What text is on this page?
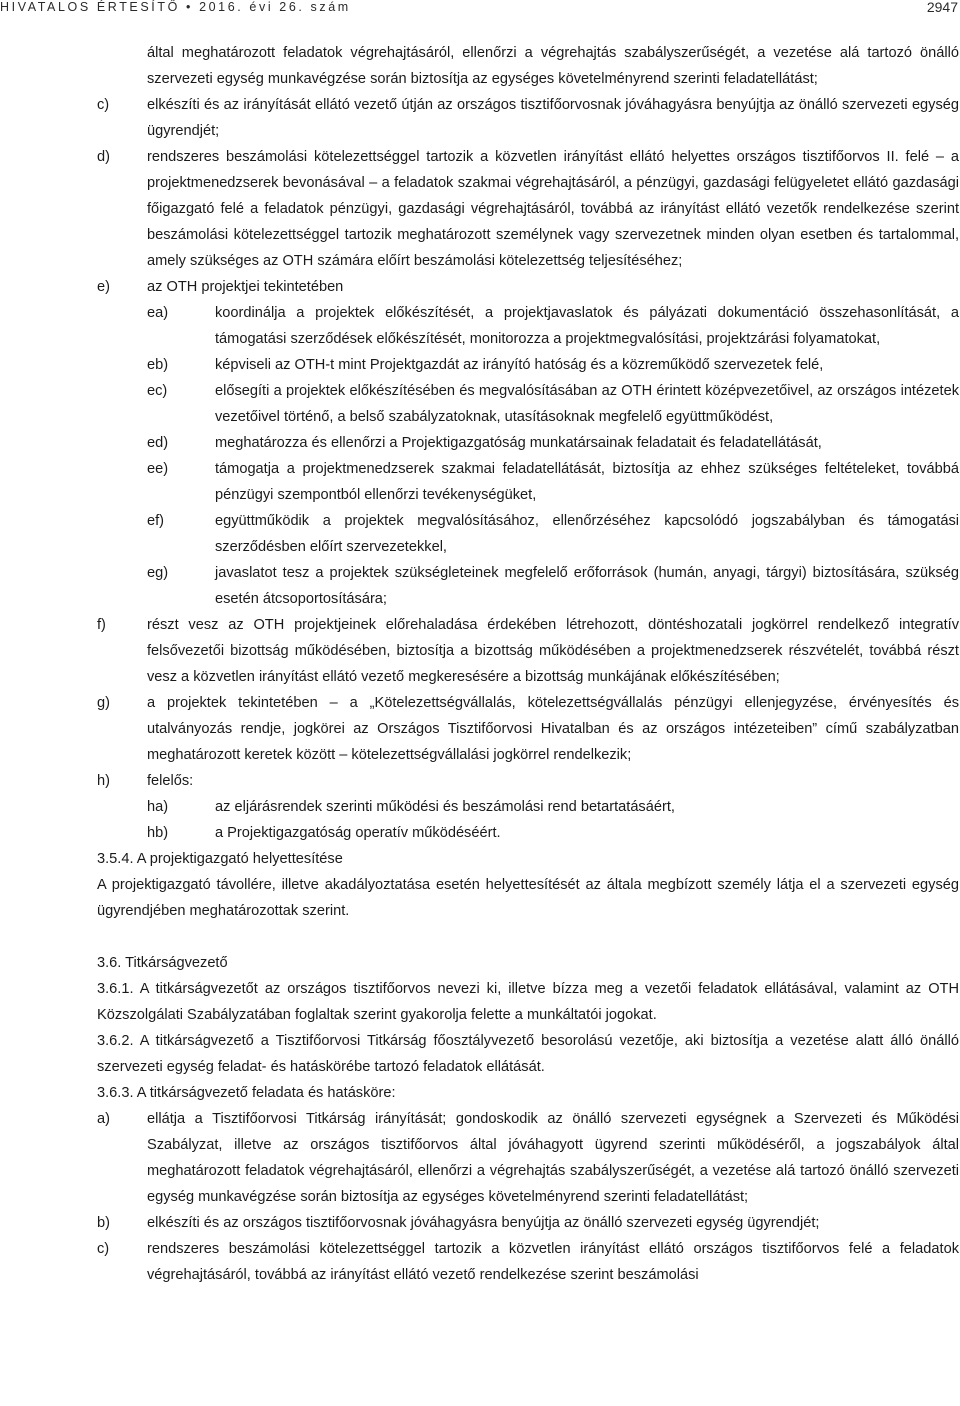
HIVATALOS ÉRTESÍTŐ • 2016. évi 26. szám	2947
által meghatározott feladatok végrehajtásáról, ellenőrzi a végrehajtás szabályszerűségét, a vezetése alá tartozó önálló szervezeti egység munkavégzése során biztosítja az egységes követelményrend szerinti feladatellátást;
c)	elkészíti és az irányítását ellátó vezető útján az országos tisztifőorvosnak jóváhagyásra benyújtja az önálló szervezeti egység ügyrendjét;
d)	rendszeres beszámolási kötelezettséggel tartozik a közvetlen irányítást ellátó helyettes országos tisztifőorvos II. felé – a projektmenedzserek bevonásával – a feladatok szakmai végrehajtásáról, a pénzügyi, gazdasági felügyeletet ellátó gazdasági főigazgató felé a feladatok pénzügyi, gazdasági végrehajtásáról, továbbá az irányítást ellátó vezetők rendelkezése szerint beszámolási kötelezettséggel tartozik meghatározott személynek vagy szervezetnek minden olyan esetben és tartalommal, amely szükséges az OTH számára előírt beszámolási kötelezettség teljesítéséhez;
e)	az OTH projektjei tekintetében
ea)	koordinálja a projektek előkészítését, a projektjavaslatok és pályázati dokumentáció összehasonlítását, a támogatási szerződések előkészítését, monitorozza a projektmegvalósítási, projektzárási folyamatokat,
eb)	képviseli az OTH-t mint Projektgazdát az irányító hatóság és a közreműködő szervezetek felé,
ec)	elősegíti a projektek előkészítésében és megvalósításában az OTH érintett középvezetőivel, az országos intézetek vezetőivel történő, a belső szabályzatoknak, utasításoknak megfelelő együttműködést,
ed)	meghatározza és ellenőrzi a Projektigazgatóság munkatársainak feladatait és feladatellátását,
ee)	támogatja a projektmenedzserek szakmai feladatellátását, biztosítja az ehhez szükséges feltételeket, továbbá pénzügyi szempontból ellenőrzi tevékenységüket,
ef)	együttműködik a projektek megvalósításához, ellenőrzéséhez kapcsolódó jogszabályban és támogatási szerződésben előírt szervezetekkel,
eg)	javaslatot tesz a projektek szükségleteinek megfelelő erőforrások (humán, anyagi, tárgyi) biztosítására, szükség esetén átcsoportosítására;
f)	részt vesz az OTH projektjeinek előrehaladása érdekében létrehozott, döntéshozatali jogkörrel rendelkező integratív felsővezetői bizottság működésében, biztosítja a bizottság működésében a projektmenedzserek részvételét, továbbá részt vesz a közvetlen irányítást ellátó vezető megkeresésére a bizottság munkájának előkészítésében;
g)	a projektek tekintetében – a „Kötelezettségvállalás, kötelezettségvállalás pénzügyi ellenjegyzése, érvényesítés és utalványozás rendje, jogkörei az Országos Tisztifőorvosi Hivatalban és az országos intézeteiben” című szabályzatban meghatározott keretek között – kötelezettségvállalási jogkörrel rendelkezik;
h)	felelős:
ha)	az eljárásrendek szerinti működési és beszámolási rend betartatásáért,
hb)	a Projektigazgatóság operatív működéséért.
3.5.4. A projektigazgató helyettesítése
A projektigazgató távollére, illetve akadályoztatása esetén helyettesítését az általa megbízott személy látja el a szervezeti egység ügyrendjében meghatározottak szerint.
3.6. Titkárságvezető
3.6.1. A titkárságvezetőt az országos tisztifőorvos nevezi ki, illetve bízza meg a vezetői feladatok ellátásával, valamint az OTH Közszolgálati Szabályzatában foglaltak szerint gyakorolja felette a munkáltatói jogokat.
3.6.2. A titkárságvezető a Tisztifőorvosi Titkárság főosztályvezető besorolású vezetője, aki biztosítja a vezetése alatt álló önálló szervezeti egység feladat- és hatáskörébe tartozó feladatok ellátását.
3.6.3. A titkárságvezető feladata és hatásköre:
a)	ellátja a Tisztifőorvosi Titkárság irányítását; gondoskodik az önálló szervezeti egységnek a Szervezeti és Működési Szabályzat, illetve az országos tisztifőorvos által jóváhagyott ügyrend szerinti működéséről, a jogszabályok által meghatározott feladatok végrehajtásáról, ellenőrzi a végrehajtás szabályszerűségét, a vezetése alá tartozó önálló szervezeti egység munkavégzése során biztosítja az egységes követelményrend szerinti feladatellátást;
b)	elkészíti és az országos tisztifőorvosnak jóváhagyásra benyújtja az önálló szervezeti egység ügyrendjét;
c)	rendszeres beszámolási kötelezettséggel tartozik a közvetlen irányítást ellátó országos tisztifőorvos felé a feladatok végrehajtásáról, továbbá az irányítást ellátó vezető rendelkezése szerint beszámolási
